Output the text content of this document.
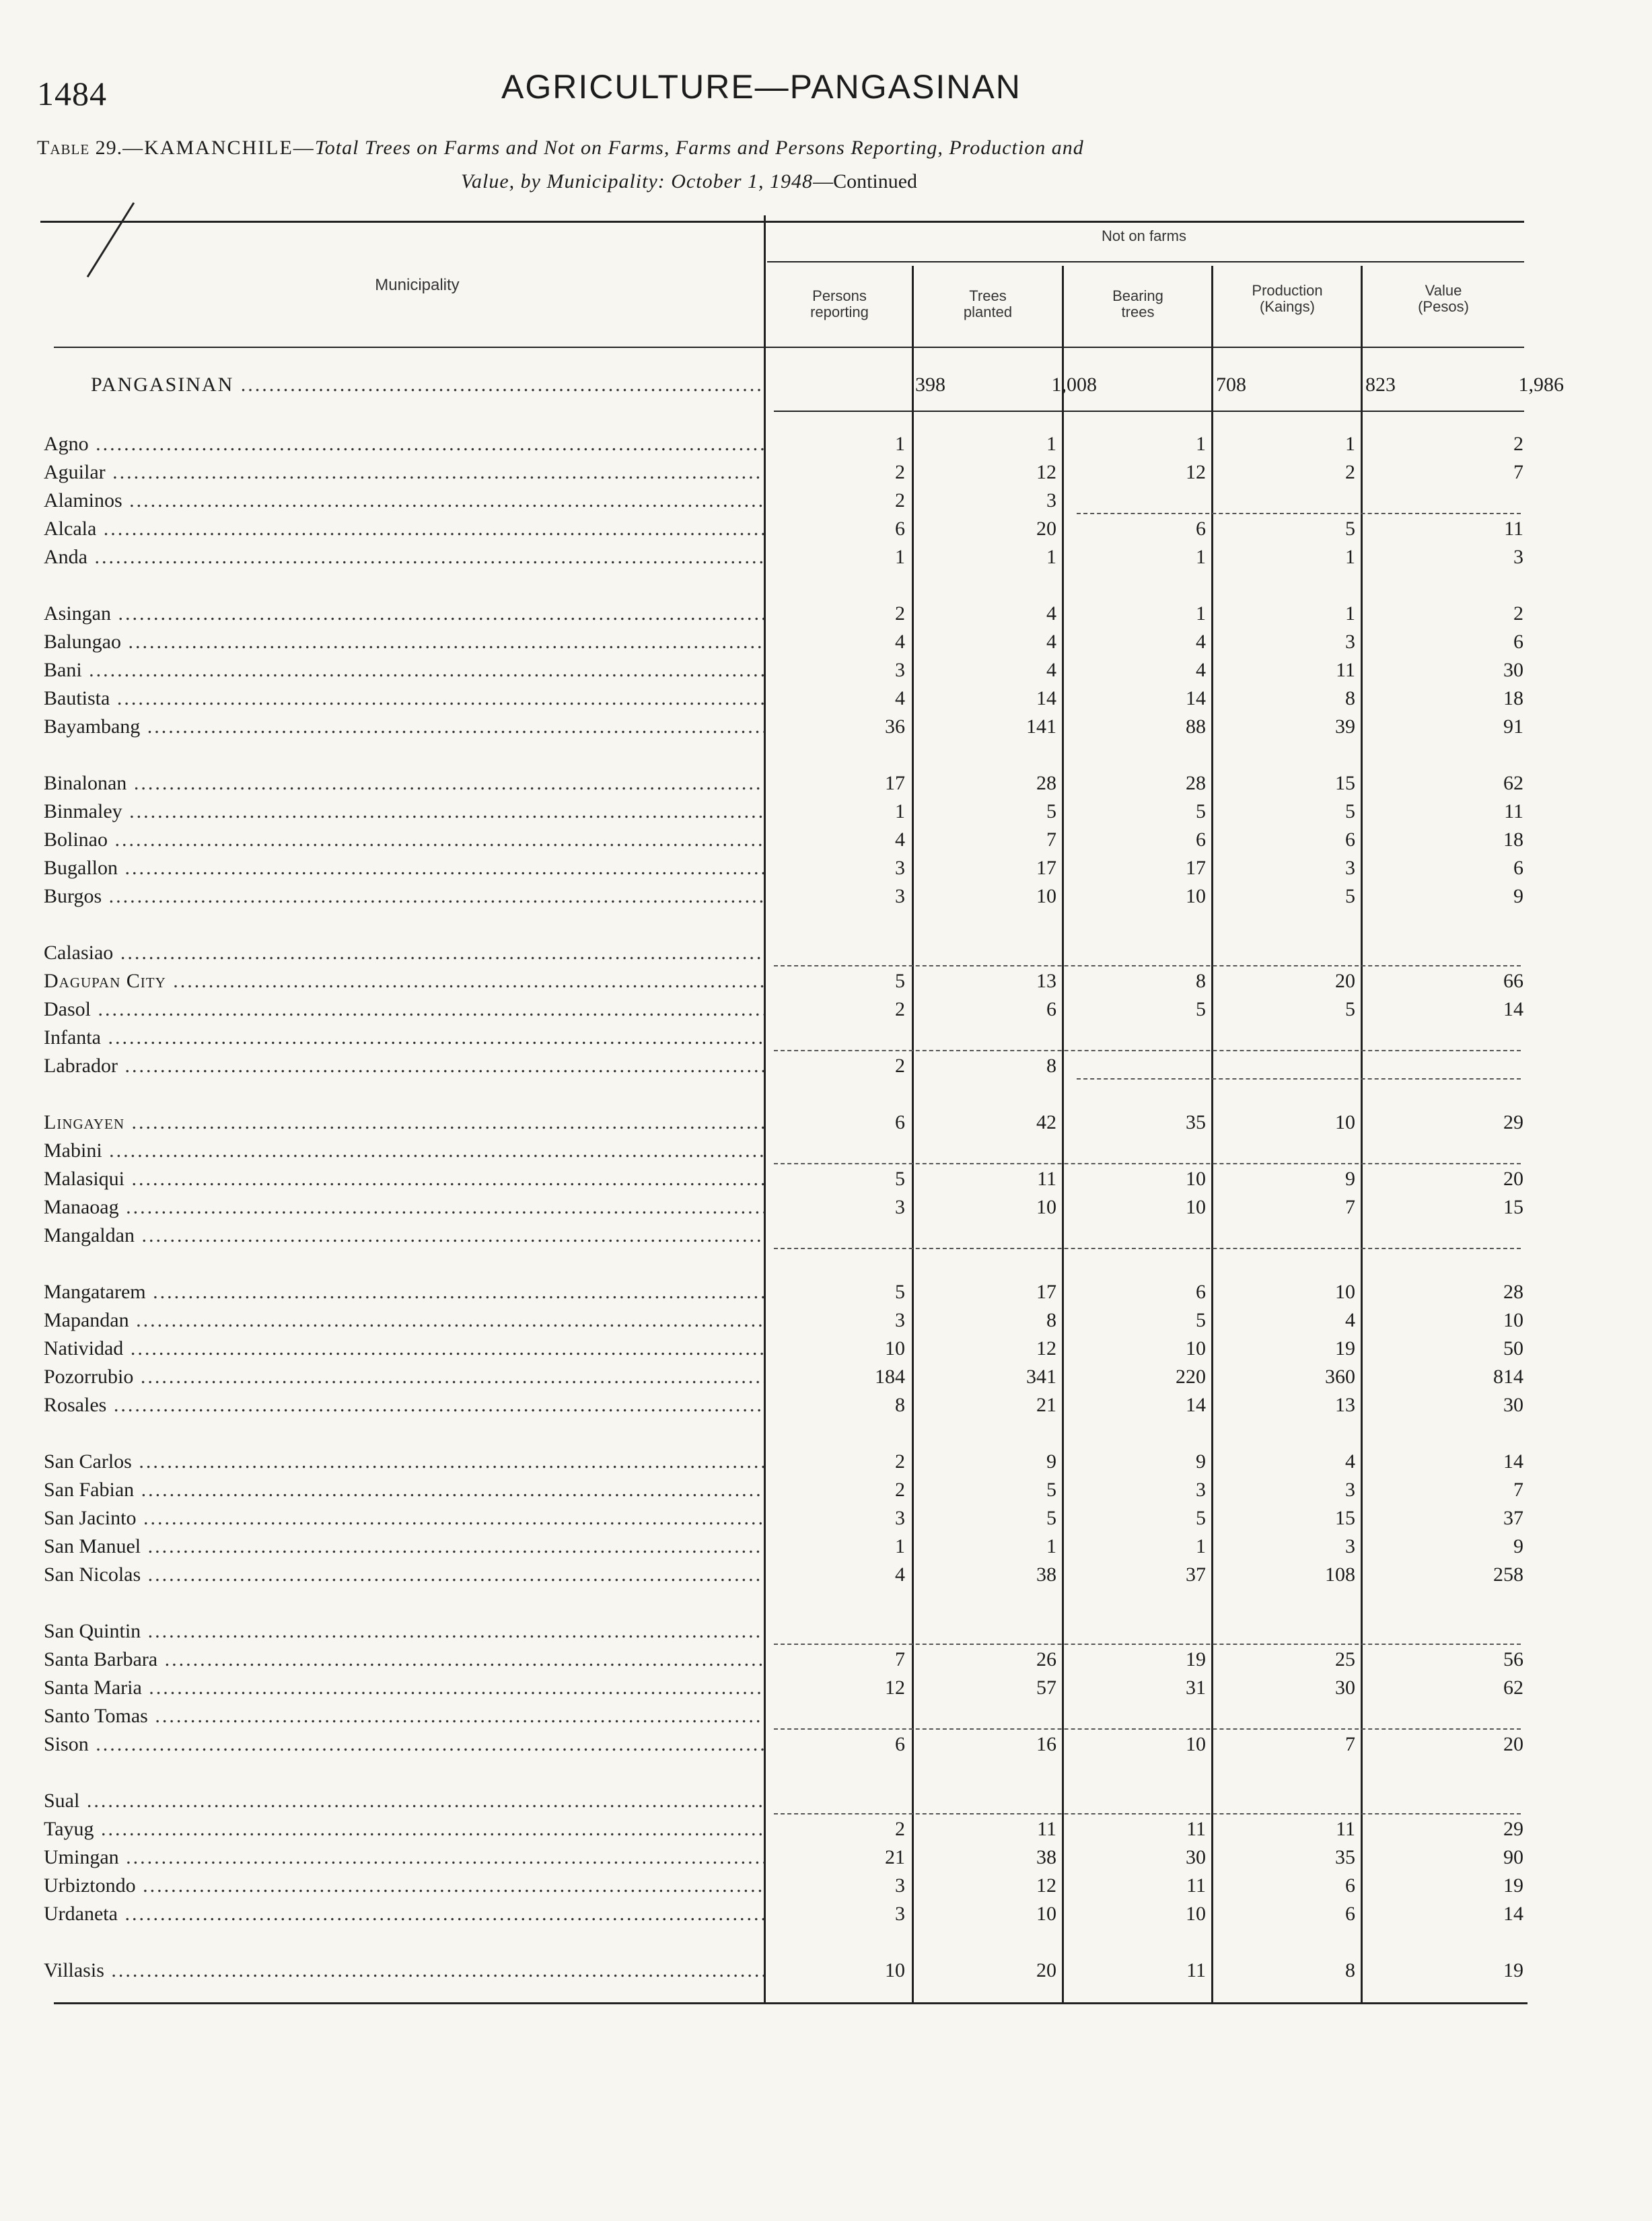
1484	AGRICULTURE—PANGASINAN
Table 29.—KAMANCHILE—Total Trees on Farms and Not on Farms, Farms and Persons Reporting, Production and
Value, by Municipality: October 1, 1948—Continued
Not on farms
Municipality
Persons
reporting
Trees
planted
Bearing
trees
Production
(Kaings)
Value
(Pesos)
PANGASINAN .....	398	1,008	708	823	1,986
Agno .....	1	1	1	1	2
Aguilar .....	2	12	12	2	7
Alaminos .....	2	3
Alcala .....	6	20	6	5	11
Anda .....	1	1	1	1	3
Asingan .....	2	4	1	1	2
Balungao .....	4	4	4	3	6
Bani .....	3	4	4	11	30
Bautista .....	4	14	14	8	18
Bayambang .....	36	141	88	39	91
Binalonan .....	17	28	28	15	62
Binmaley .....	1	5	5	5	11
Bolinao .....	4	7	6	6	18
Bugallon .....	3	17	17	3	6
Burgos .....	3	10	10	5	9
Calasiao .....
Dagupan City .....	5	13	8	20	66
Dasol .....	2	6	5	5	14
Infanta .....
Labrador .....	2	8
Lingayen .....	6	42	35	10	29
Mabini .....
Malasiqui .....	5	11	10	9	20
Manaoag .....	3	10	10	7	15
Mangaldan .....
Mangatarem .....	5	17	6	10	28
Mapandan .....	3	8	5	4	10
Natividad .....	10	12	10	19	50
Pozorrubio .....	184	341	220	360	814
Rosales .....	8	21	14	13	30
San Carlos .....	2	9	9	4	14
San Fabian .....	2	5	3	3	7
San Jacinto .....	3	5	5	15	37
San Manuel .....	1	1	1	3	9
San Nicolas .....	4	38	37	108	258
San Quintin .....
Santa Barbara .....	7	26	19	25	56
Santa Maria .....	12	57	31	30	62
Santo Tomas .....
Sison .....	6	16	10	7	20
Sual .....
Tayug .....	2	11	11	11	29
Umingan .....	21	38	30	35	90
Urbiztondo .....	3	12	11	6	19
Urdaneta .....	3	10	10	6	14
Villasis .....	10	20	11	8	19
